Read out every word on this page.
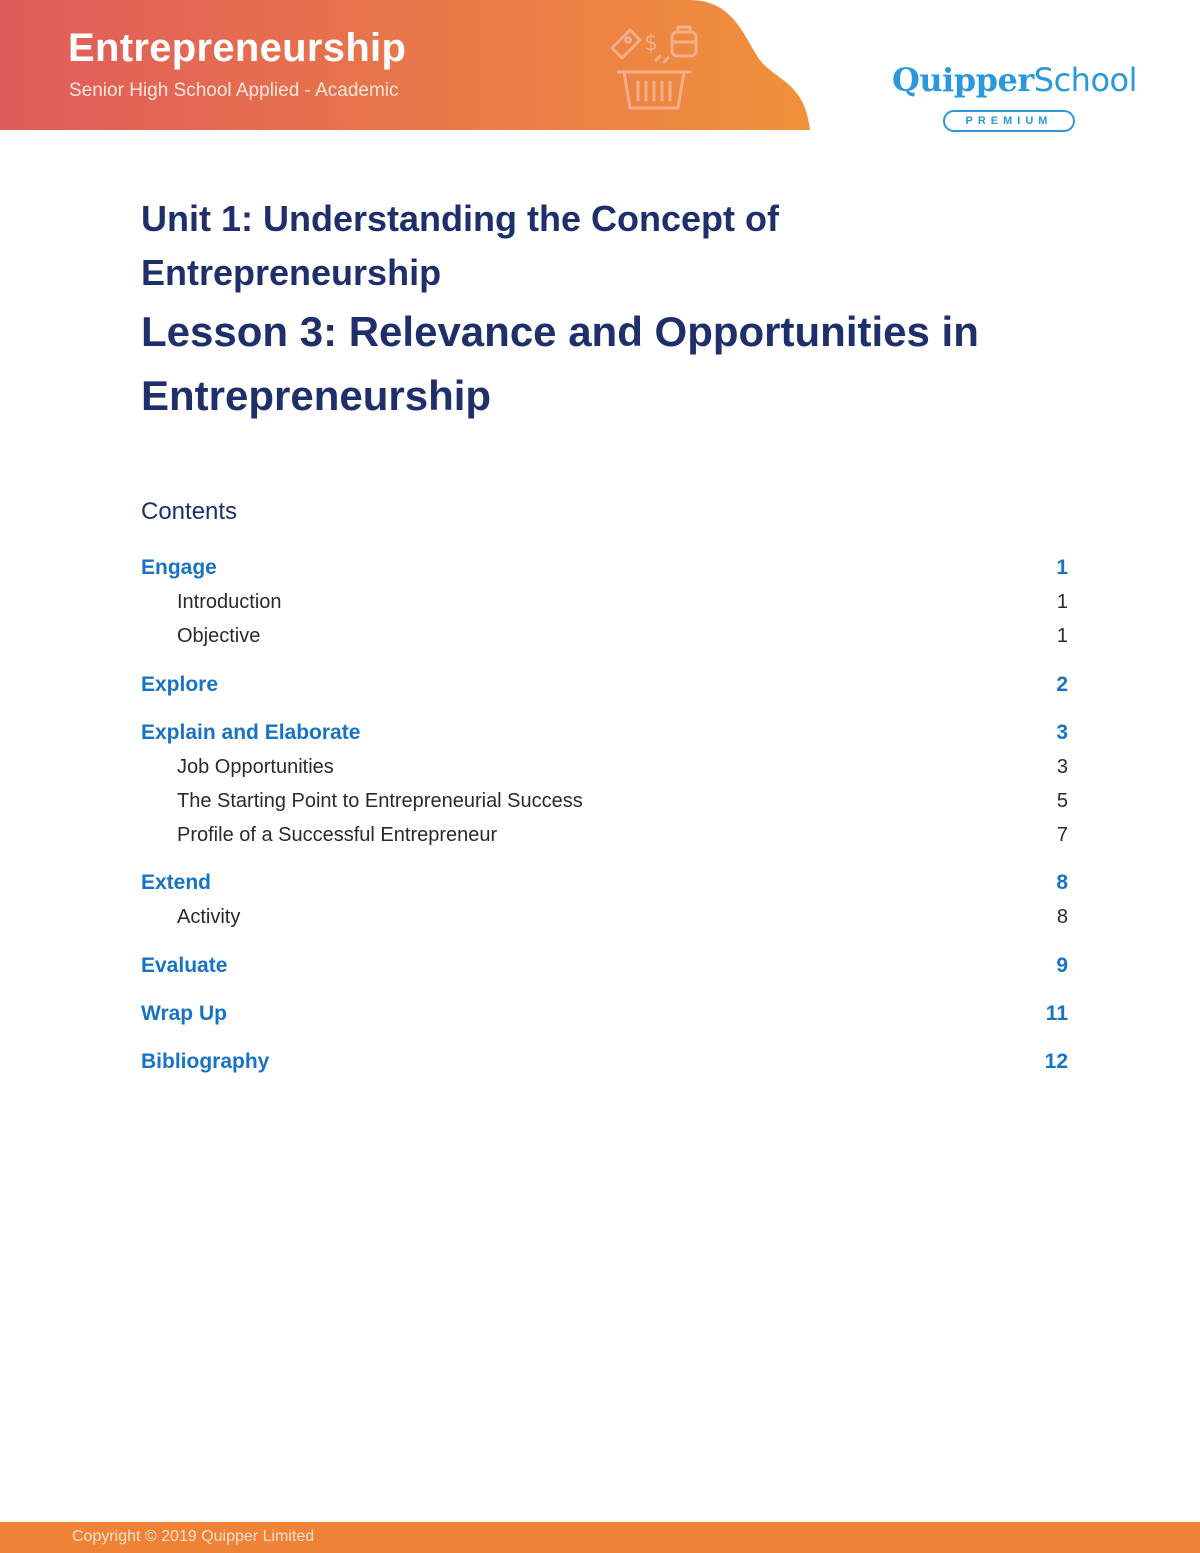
Entrepreneurship
Senior High School Applied - Academic
$
QuipperSchool
PREMIUM
Unit 1: Understanding the Concept of Entrepreneurship
Lesson 3: Relevance and Opportunities in Entrepreneurship
Contents
Engage	1
Introduction	1
Objective	1
Explore	2
Explain and Elaborate	3
Job Opportunities	3
The Starting Point to Entrepreneurial Success	5
Profile of a Successful Entrepreneur	7
Extend	8
Activity	8
Evaluate	9
Wrap Up	11
Bibliography	12
Copyright © 2019 Quipper Limited
